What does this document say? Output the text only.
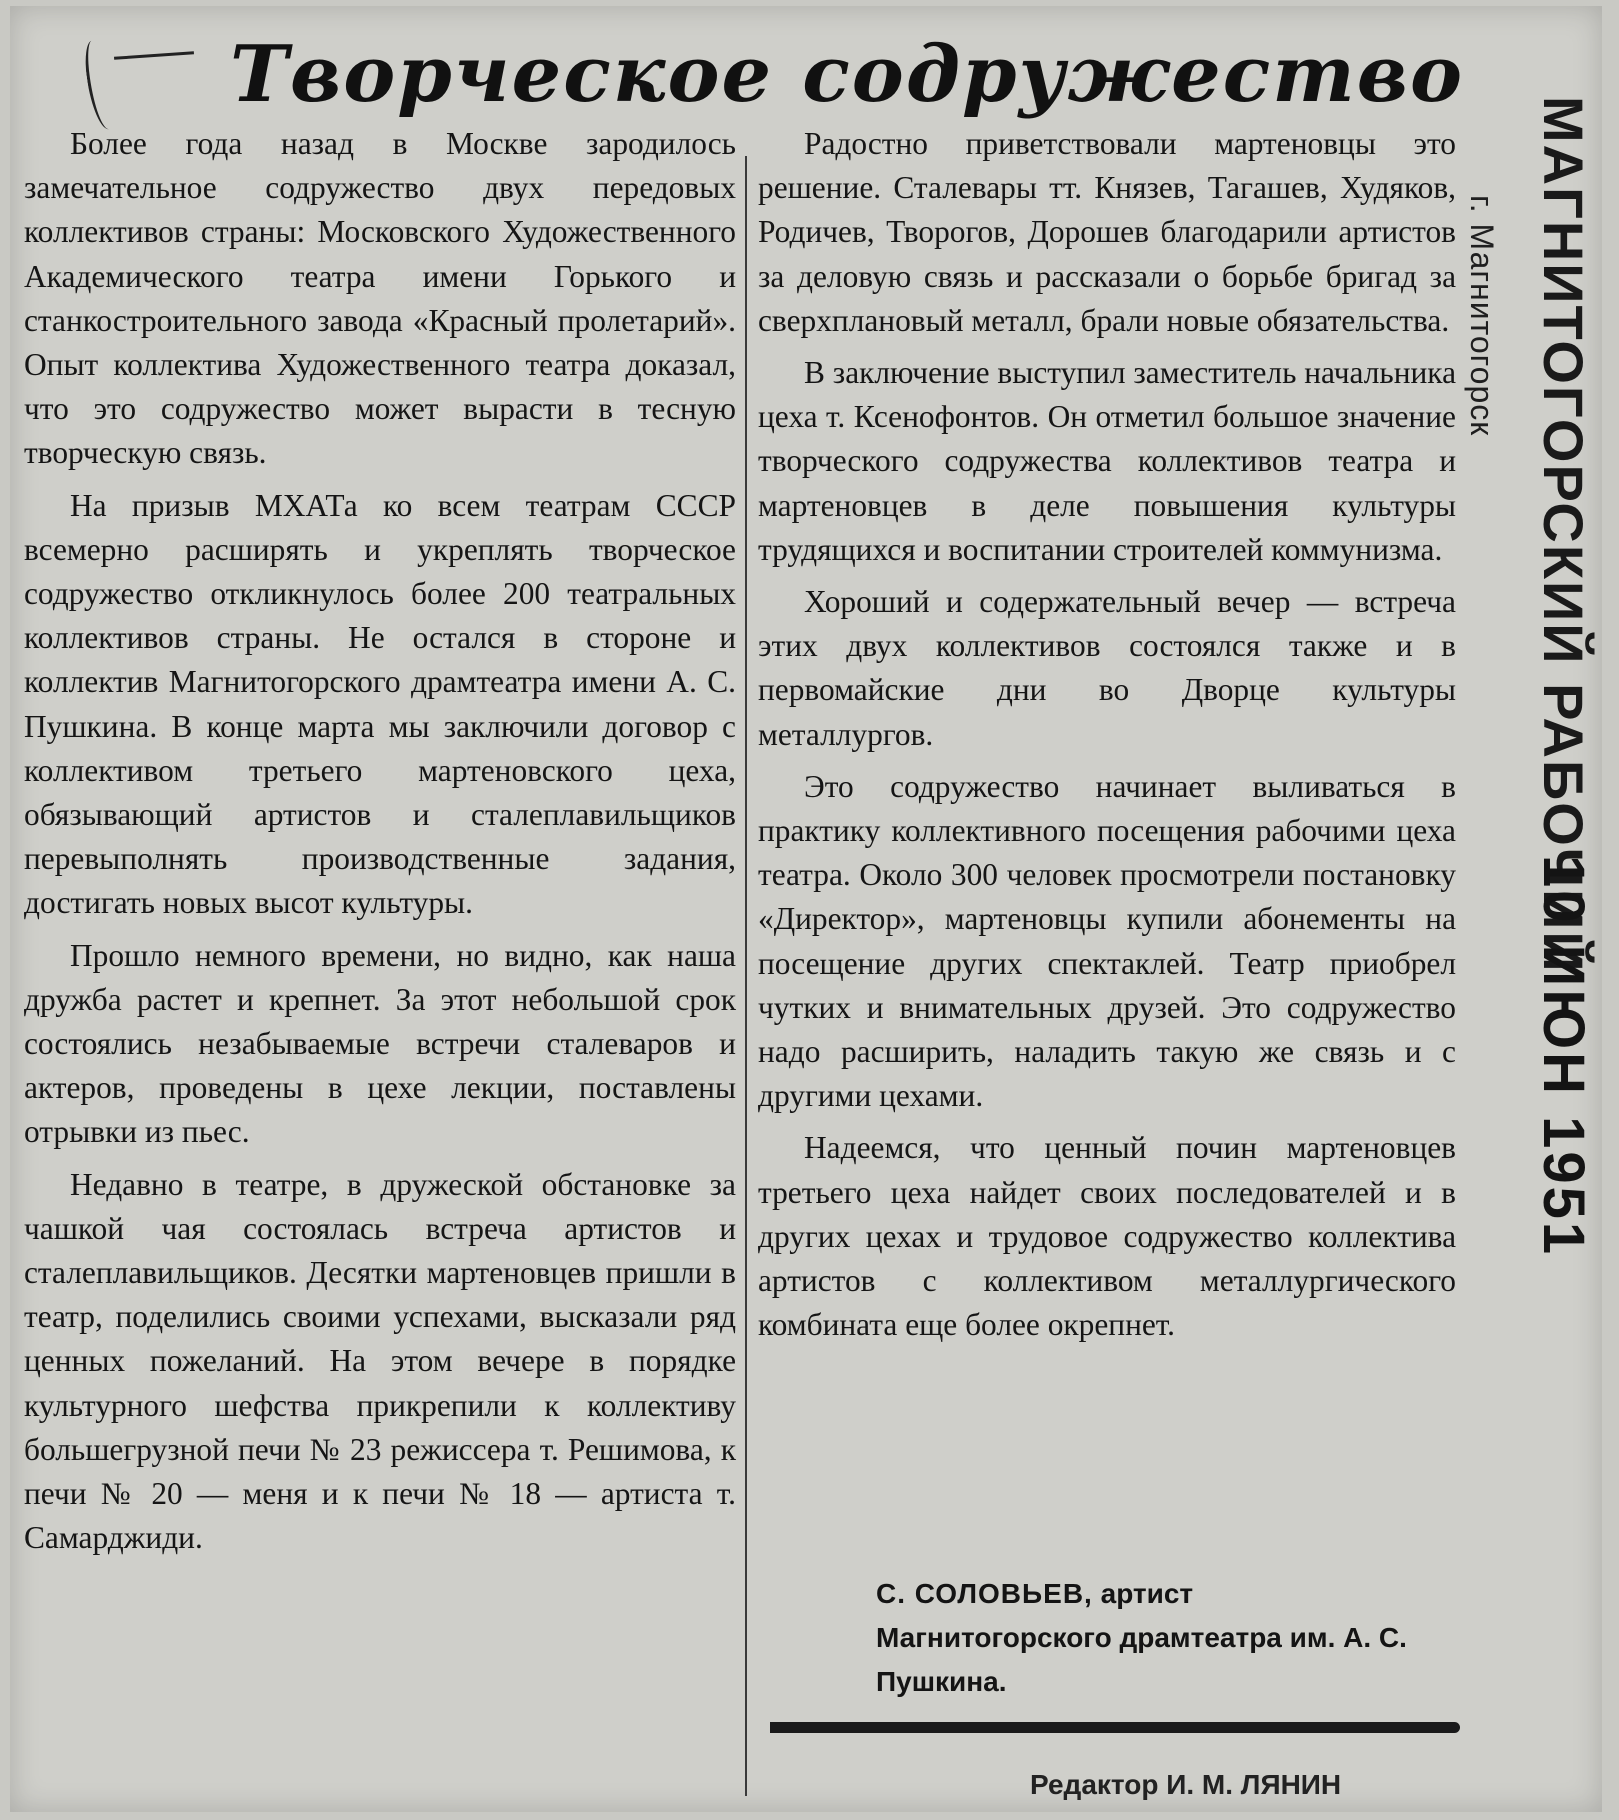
Творческое содружество

Более года назад в Москве зародилось замечательное содружество двух передовых коллективов страны: Московского Художественного Академического театра имени Горького и станкостроительного завода «Красный пролетарий». Опыт коллектива Художественного театра доказал, что это содружество может вырасти в тесную творческую связь.

На призыв МХАТа ко всем театрам СССР всемерно расширять и укреплять творческое содружество откликнулось более 200 театральных коллективов страны. Не остался в стороне и коллектив Магнитогорского драмтеатра имени А. С. Пушкина. В конце марта мы заключили договор с коллективом третьего мартеновского цеха, обязывающий артистов и сталеплавильщиков перевыполнять производственные задания, достигать новых высот культуры.

Прошло немного времени, но видно, как наша дружба растет и крепнет. За этот небольшой срок состоялись незабываемые встречи сталеваров и актеров, проведены в цехе лекции, поставлены отрывки из пьес.

Недавно в театре, в дружеской обстановке за чашкой чая состоялась встреча артистов и сталеплавильщиков. Десятки мартеновцев пришли в театр, поделились своими успехами, высказали ряд ценных пожеланий. На этом вечере в порядке культурного шефства прикрепили к коллективу большегрузной печи № 23 режиссера т. Решимова, к печи № 20 — меня и к печи № 18 — артиста т. Самарджиди.

Радостно приветствовали мартеновцы это решение. Сталевары тт. Князев, Тагашев, Худяков, Родичев, Творогов, Дорошев благодарили артистов за деловую связь и рассказали о борьбе бригад за сверхплановый металл, брали новые обязательства.

В заключение выступил заместитель начальника цеха т. Ксенофонтов. Он отметил большое значение творческого содружества коллективов театра и мартеновцев в деле повышения культуры трудящихся и воспитании строителей коммунизма.

Хороший и содержательный вечер — встреча этих двух коллективов состоялся также и в первомайские дни во Дворце культуры металлургов.

Это содружество начинает выливаться в практику коллективного посещения рабочими цеха театра. Около 300 человек просмотрели постановку «Директор», мартеновцы купили абонементы на посещение других спектаклей. Театр приобрел чутких и внимательных друзей. Это содружество надо расширить, наладить такую же связь и с другими цехами.

Надеемся, что ценный почин мартеновцев третьего цеха найдет своих последователей и в других цехах и трудовое содружество коллектива артистов с коллективом металлургического комбината еще более окрепнет.

С. СОЛОВЬЕВ, артист Магнитогорского драмтеатра им. А. С. Пушкина.
Редактор И. М. ЛЯНИН
МАГНИТОГОРСКИЙ РАБОЧИЙ
г. Магнитогорск
10 ИЮН 1951
